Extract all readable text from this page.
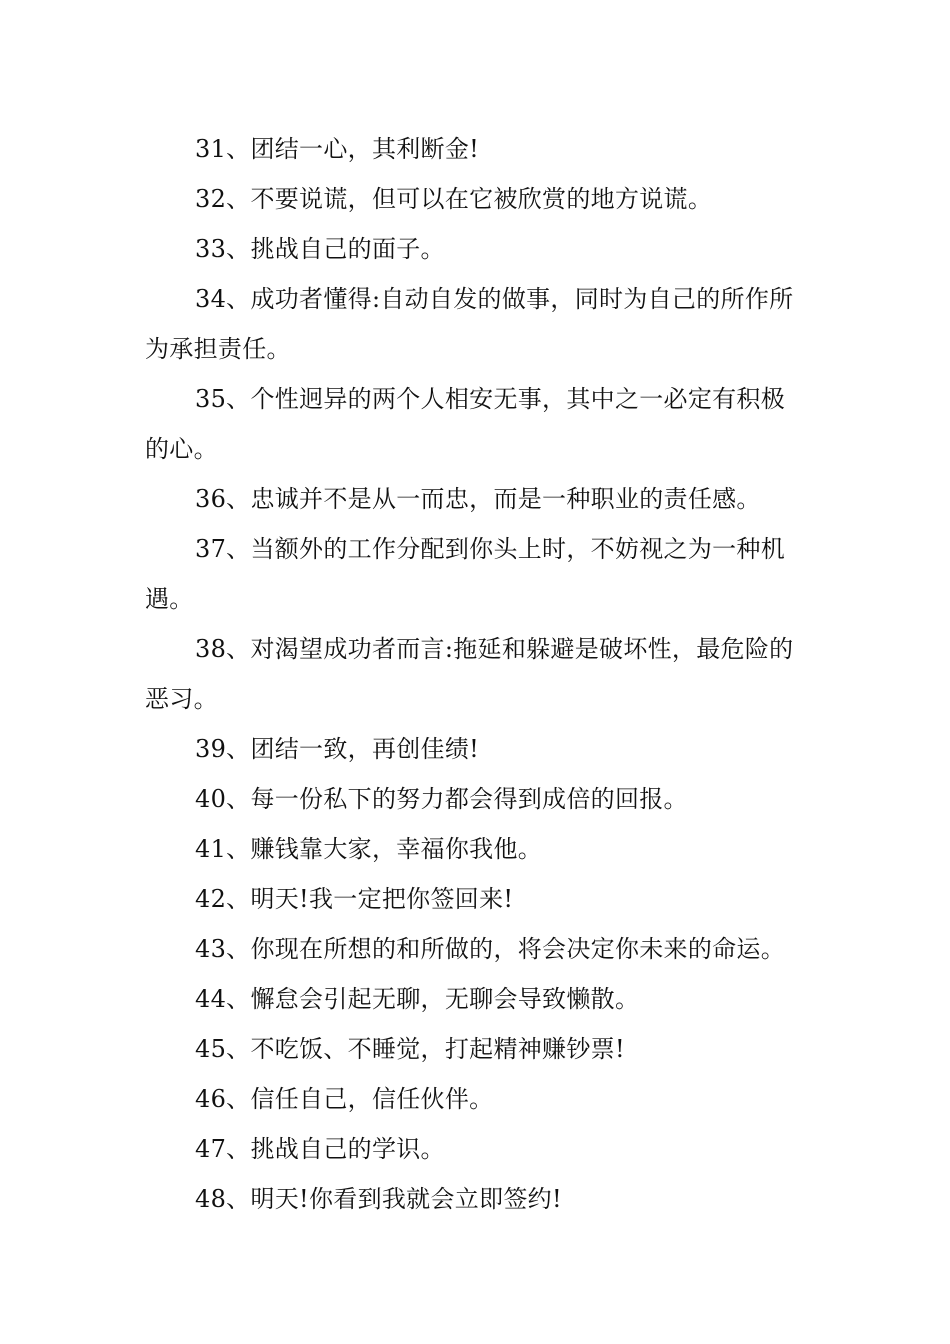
31、团结一心，其利断金!

32、不要说谎，但可以在它被欣赏的地方说谎。

33、挑战自己的面子。

34、成功者懂得:自动自发的做事，同时为自己的所作所为承担责任。

35、个性迥异的两个人相安无事，其中之一必定有积极的心。

36、忠诚并不是从一而忠，而是一种职业的责任感。

37、当额外的工作分配到你头上时，不妨视之为一种机遇。

38、对渴望成功者而言:拖延和躲避是破坏性，最危险的恶习。

39、团结一致，再创佳绩!

40、每一份私下的努力都会得到成倍的回报。

41、赚钱靠大家，幸福你我他。

42、明天!我一定把你签回来!

43、你现在所想的和所做的，将会决定你未来的命运。

44、懈怠会引起无聊，无聊会导致懒散。

45、不吃饭、不睡觉，打起精神赚钞票!

46、信任自己，信任伙伴。

47、挑战自己的学识。

48、明天!你看到我就会立即签约!
